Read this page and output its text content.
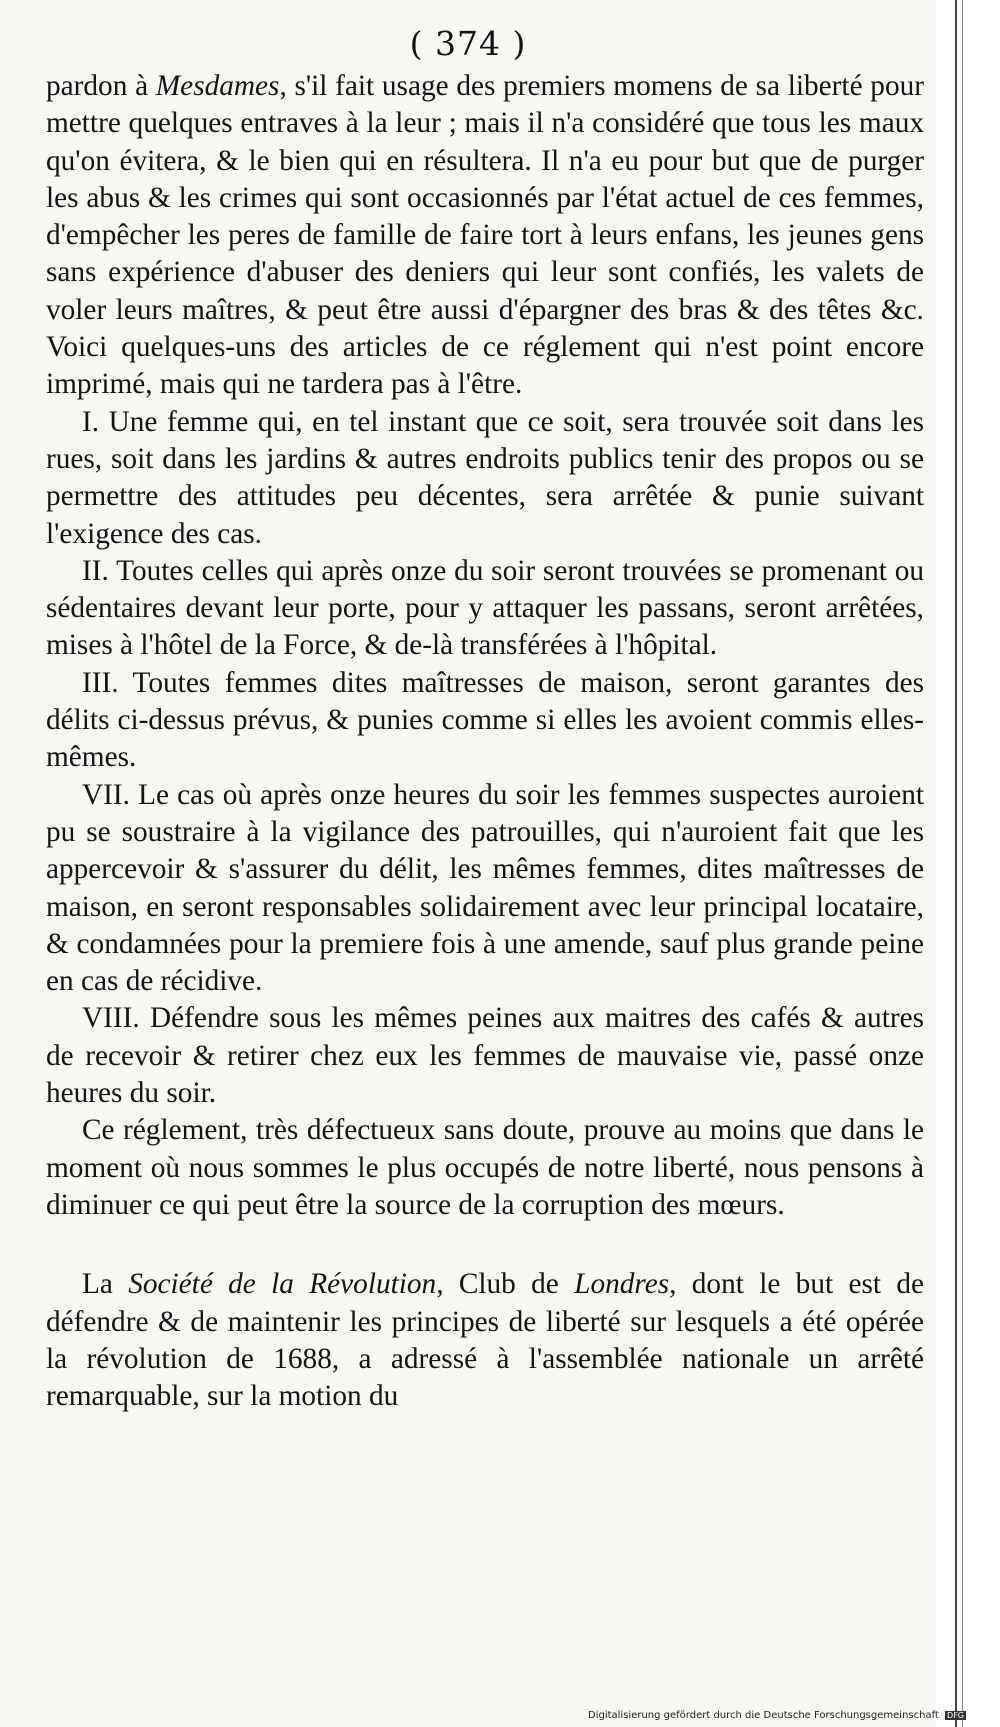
( 374 )

pardon à Mesdames, s'il fait usage des premiers momens de sa liberté pour mettre quelques entraves à la leur ; mais il n'a considéré que tous les maux qu'on évitera, & le bien qui en résultera. Il n'a eu pour but que de purger les abus & les crimes qui sont occasionnés par l'état actuel de ces femmes, d'empêcher les peres de famille de faire tort à leurs enfans, les jeunes gens sans expérience d'abuser des deniers qui leur sont confiés, les valets de voler leurs maîtres, & peut être aussi d'épargner des bras & des têtes &c. Voici quelques-uns des articles de ce réglement qui n'est point encore imprimé, mais qui ne tardera pas à l'être.

I. Une femme qui, en tel instant que ce soit, sera trouvée soit dans les rues, soit dans les jardins & autres endroits publics tenir des propos ou se permettre des attitudes peu décentes, sera arrêtée & punie suivant l'exigence des cas.

II. Toutes celles qui après onze du soir seront trouvées se promenant ou sédentaires devant leur porte, pour y attaquer les passans, seront arrêtées, mises à l'hôtel de la Force, & de-là transférées à l'hôpital.

III. Toutes femmes dites maîtresses de maison, seront garantes des délits ci-dessus prévus, & punies comme si elles les avoient commis elles-mêmes.

VII. Le cas où après onze heures du soir les femmes suspectes auroient pu se soustraire à la vigilance des patrouilles, qui n'auroient fait que les appercevoir & s'assurer du délit, les mêmes femmes, dites maîtresses de maison, en seront responsables solidairement avec leur principal locataire, & condamnées pour la premiere fois à une amende, sauf plus grande peine en cas de récidive.

VIII. Défendre sous les mêmes peines aux maitres des cafés & autres de recevoir & retirer chez eux les femmes de mauvaise vie, passé onze heures du soir.

Ce réglement, très défectueux sans doute, prouve au moins que dans le moment où nous sommes le plus occupés de notre liberté, nous pensons à diminuer ce qui peut être la source de la corruption des mœurs.

La Société de la Révolution, Club de Londres, dont le but est de défendre & de maintenir les principes de liberté sur lesquels a été opérée la révolution de 1688, a adressé à l'assemblée nationale un arrêté remarquable, sur la motion du

Digitalisierung gefördert durch die Deutsche Forschungsgemeinschaft DFG
